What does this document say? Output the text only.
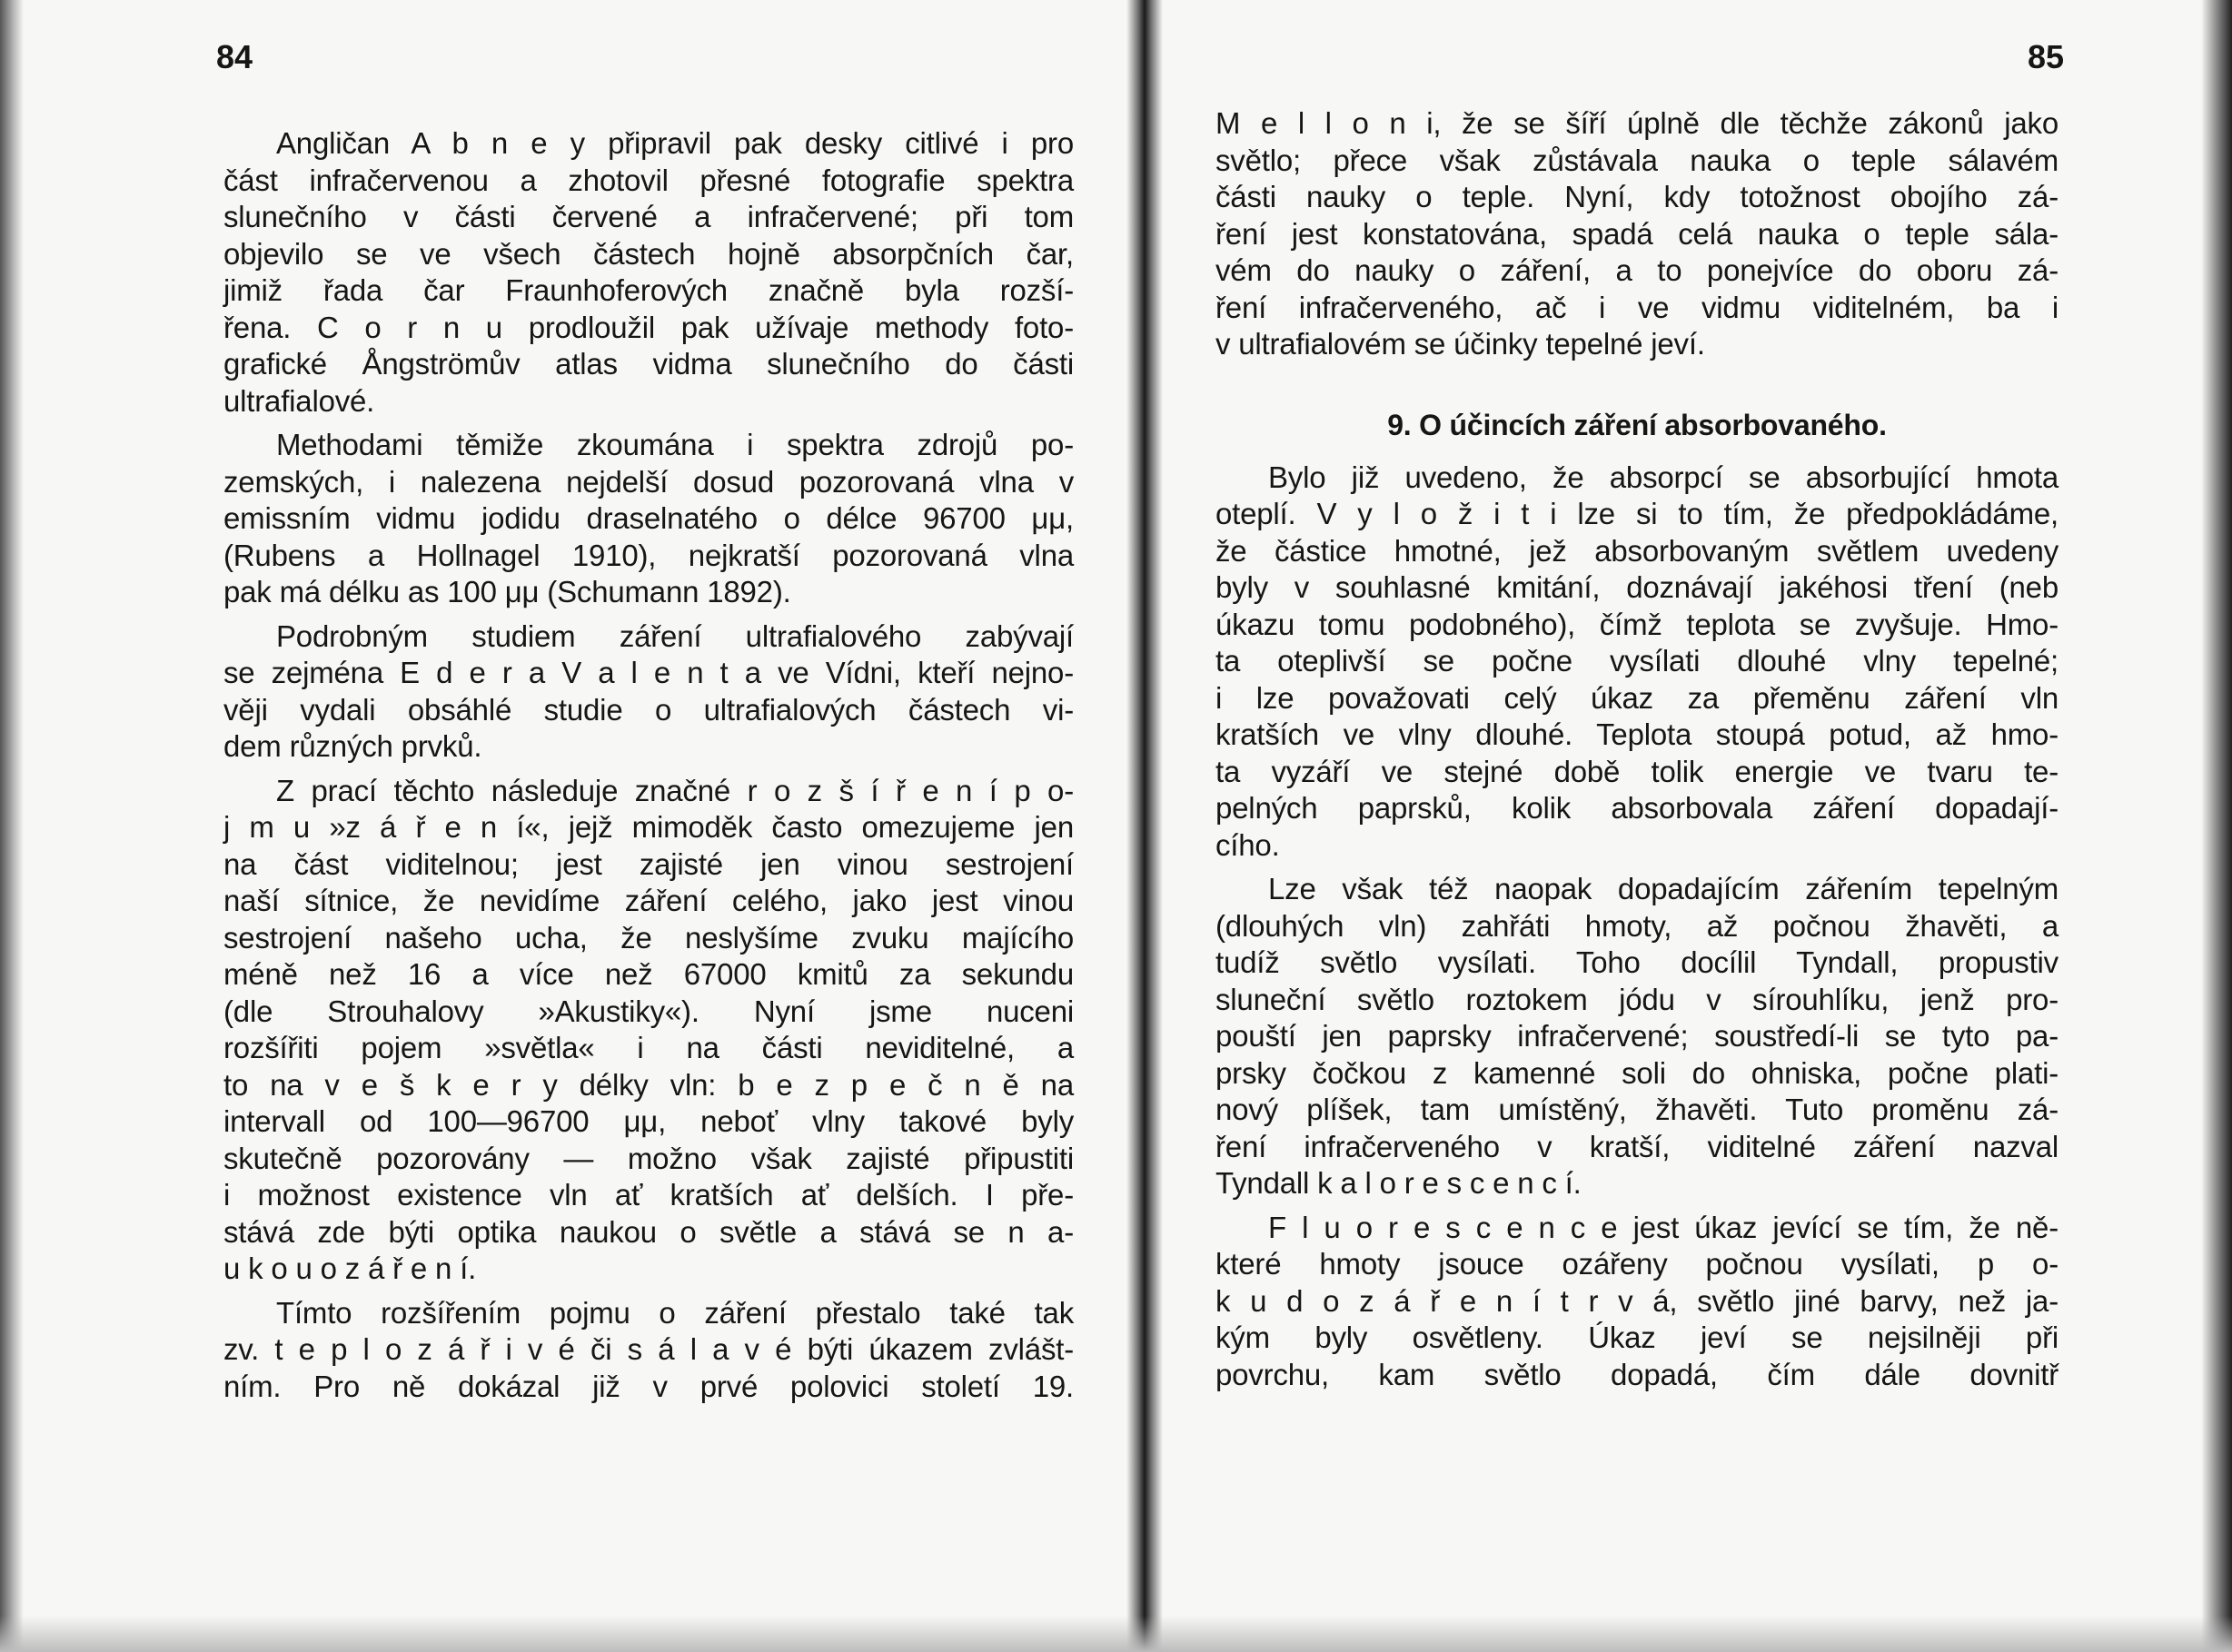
84
Angličan A b n e y připravil pak desky citlivé i pro
část infračervenou a zhotovil přesné fotografie spektra
slunečního v části červené a infračervené; při tom
objevilo se ve všech částech hojně absorpčních čar,
jimiž řada čar Fraunhoferových značně byla rozší-
řena. C o r n u prodloužil pak užívaje methody foto-
grafické Ångströmův atlas vidma slunečního do části
ultrafialové.
Methodami těmiže zkoumána i spektra zdrojů po-
zemských, i nalezena nejdelší dosud pozorovaná vlna v
emissním vidmu jodidu draselnatého o délce 96700 μμ,
(Rubens a Hollnagel 1910), nejkratší pozorovaná vlna
pak má délku as 100 μμ (Schumann 1892).
Podrobným studiem záření ultrafialového zabývají
se zejména E d e r a V a l e n t a ve Vídni, kteří nejno-
věji vydali obsáhlé studie o ultrafialových částech vi-
dem různých prvků.
Z prací těchto následuje značné r o z š í ř e n í p o-
j m u »z á ř e n í«, jejž mimoděk často omezujeme jen
na část viditelnou; jest zajisté jen vinou sestrojení
naší sítnice, že nevidíme záření celého, jako jest vinou
sestrojení našeho ucha, že neslyšíme zvuku majícího
méně než 16 a více než 67000 kmitů za sekundu
(dle Strouhalovy »Akustiky«). Nyní jsme nuceni
rozšířiti pojem »světla« i na části neviditelné, a
to na v e š k e r y délky vln: b e z p e č n ě na
intervall od 100—96700 μμ, neboť vlny takové byly
skutečně pozorovány — možno však zajisté připustiti
i možnost existence vln ať kratších ať delších. I pře-
stává zde býti optika naukou o světle a stává se n a-
u k o u o z á ř e n í.
Tímto rozšířením pojmu o záření přestalo také tak
zv. t e p l o z á ř i v é či s á l a v é býti úkazem zvlášt-
ním. Pro ně dokázal již v prvé polovici století 19.
85
M e l l o n i, že se šíří úplně dle těchže zákonů jako
světlo; přece však zůstávala nauka o teple sálavém
části nauky o teple. Nyní, kdy totožnost obojího zá-
ření jest konstatována, spadá celá nauka o teple sála-
vém do nauky o záření, a to ponejvíce do oboru zá-
ření infračerveného, ač i ve vidmu viditelném, ba i
v ultrafialovém se účinky tepelné jeví.
9. O účincích záření absorbovaného.
Bylo již uvedeno, že absorpcí se absorbující hmota
oteplí. V y l o ž i t i lze si to tím, že předpokládáme,
že částice hmotné, jež absorbovaným světlem uvedeny
byly v souhlasné kmitání, doznávají jakéhosi tření (neb
úkazu tomu podobného), čímž teplota se zvyšuje. Hmo-
ta oteplivší se počne vysílati dlouhé vlny tepelné;
i lze považovati celý úkaz za přeměnu záření vln
kratších ve vlny dlouhé. Teplota stoupá potud, až hmo-
ta vyzáří ve stejné době tolik energie ve tvaru te-
pelných paprsků, kolik absorbovala záření dopadají-
cího.
Lze však též naopak dopadajícím zářením tepelným
(dlouhých vln) zahřáti hmoty, až počnou žhavěti, a
tudíž světlo vysílati. Toho docílil Tyndall, propustiv
sluneční světlo roztokem jódu v sírouhlíku, jenž pro-
pouští jen paprsky infračervené; soustředí-li se tyto pa-
prsky čočkou z kamenné soli do ohniska, počne plati-
nový plíšek, tam umístěný, žhavěti. Tuto proměnu zá-
ření infračerveného v kratší, viditelné záření nazval
Tyndall k a l o r e s c e n c í.
F l u o r e s c e n c e jest úkaz jevící se tím, že ně-
které hmoty jsouce ozářeny počnou vysílati, p o-
k u d o z á ř e n í t r v á, světlo jiné barvy, než ja-
kým byly osvětleny. Úkaz jeví se nejsilněji při
povrchu, kam světlo dopadá, čím dále dovnitř
